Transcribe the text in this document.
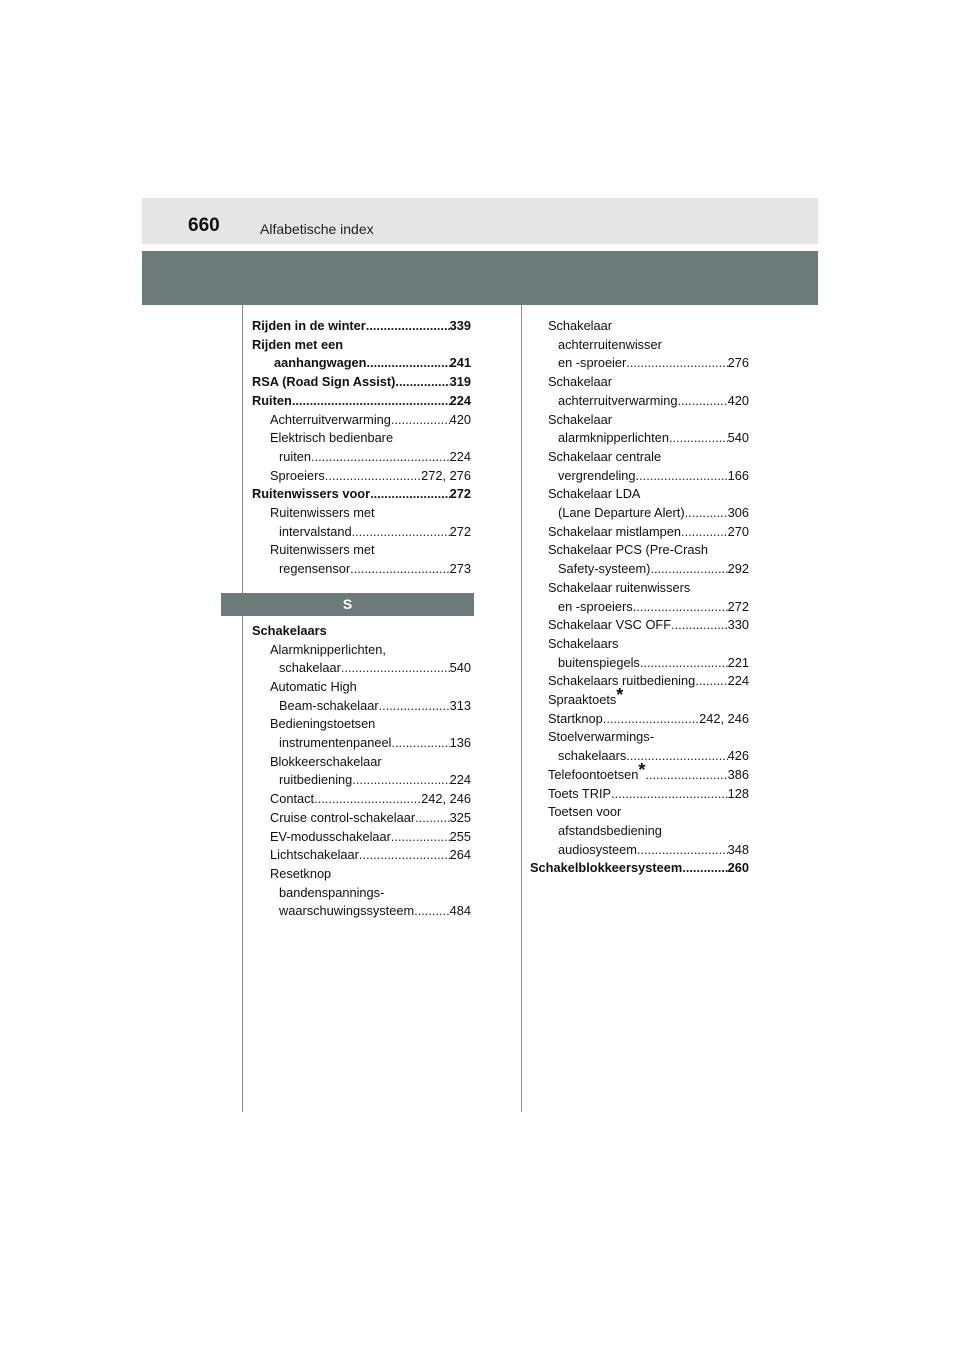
660	Alfabetische index
Rijden in de winter .....	339
Rijden met een
aanhangwagen .....	241
RSA (Road Sign Assist) .....	319
Ruiten .....	224
Achterruitverwarming .....	420
Elektrisch bedienbare
ruiten .....	224
Sproeiers .....	272, 276
Ruitenwissers voor .....	272
Ruitenwissers met
intervalstand .....	272
Ruitenwissers met
regensensor .....	273
S
Schakelaars
Alarmknipperlichten,
schakelaar .....	540
Automatic High
Beam-schakelaar .....	313
Bedieningstoetsen
instrumentenpaneel .....	136
Blokkeerschakelaar
ruitbediening .....	224
Contact .....	242, 246
Cruise control-schakelaar .....	325
EV-modusschakelaar .....	255
Lichtschakelaar .....	264
Resetknop
bandenspannings-
waarschuwingssysteem .....	484
Schakelaar
achterruitenwisser
en -sproeier .....	276
Schakelaar
achterruitverwarming .....	420
Schakelaar
alarmknipperlichten .....	540
Schakelaar centrale
vergrendeling .....	166
Schakelaar LDA
(Lane Departure Alert) .....	306
Schakelaar mistlampen .....	270
Schakelaar PCS (Pre-Crash
Safety-systeem) .....	292
Schakelaar ruitenwissers
en -sproeiers .....	272
Schakelaar VSC OFF .....	330
Schakelaars
buitenspiegels .....	221
Schakelaars ruitbediening .....	224
Spraaktoets*
Startknop .....	242, 246
Stoelverwarmings-
schakelaars .....	426
Telefoontoetsen * .....	386
Toets TRIP .....	128
Toetsen voor
afstandsbediening
audiosysteem .....	348
Schakelblokkeersysteem .....	260
